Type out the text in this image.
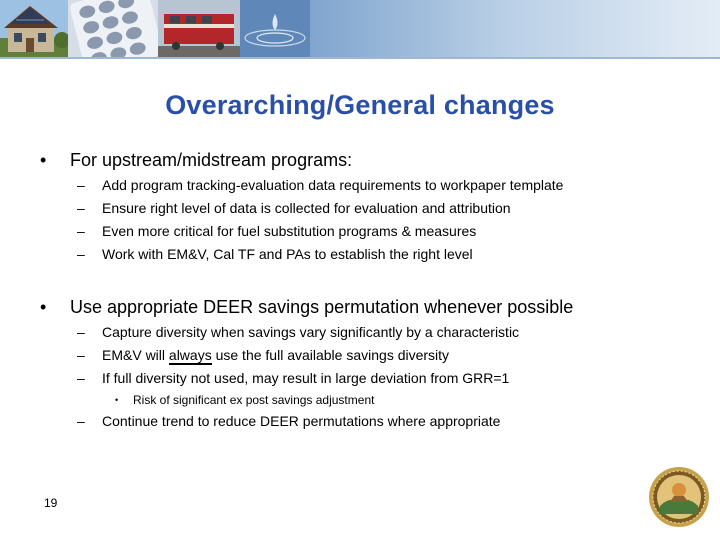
Overarching/General changes
• For upstream/midstream programs:
– Add program tracking-evaluation data requirements to workpaper template
– Ensure right level of data is collected for evaluation and attribution
– Even more critical for fuel substitution programs & measures
– Work with EM&V, Cal TF and PAs to establish the right level
• Use appropriate DEER savings permutation whenever possible
– Capture diversity when savings vary significantly by a characteristic
– EM&V will always
use the full available savings diversity
– If full diversity not used, may result in large deviation from GRR=1
• Risk of significant ex post savings adjustment
– Continue trend to reduce DEER permutations where appropriate
19
